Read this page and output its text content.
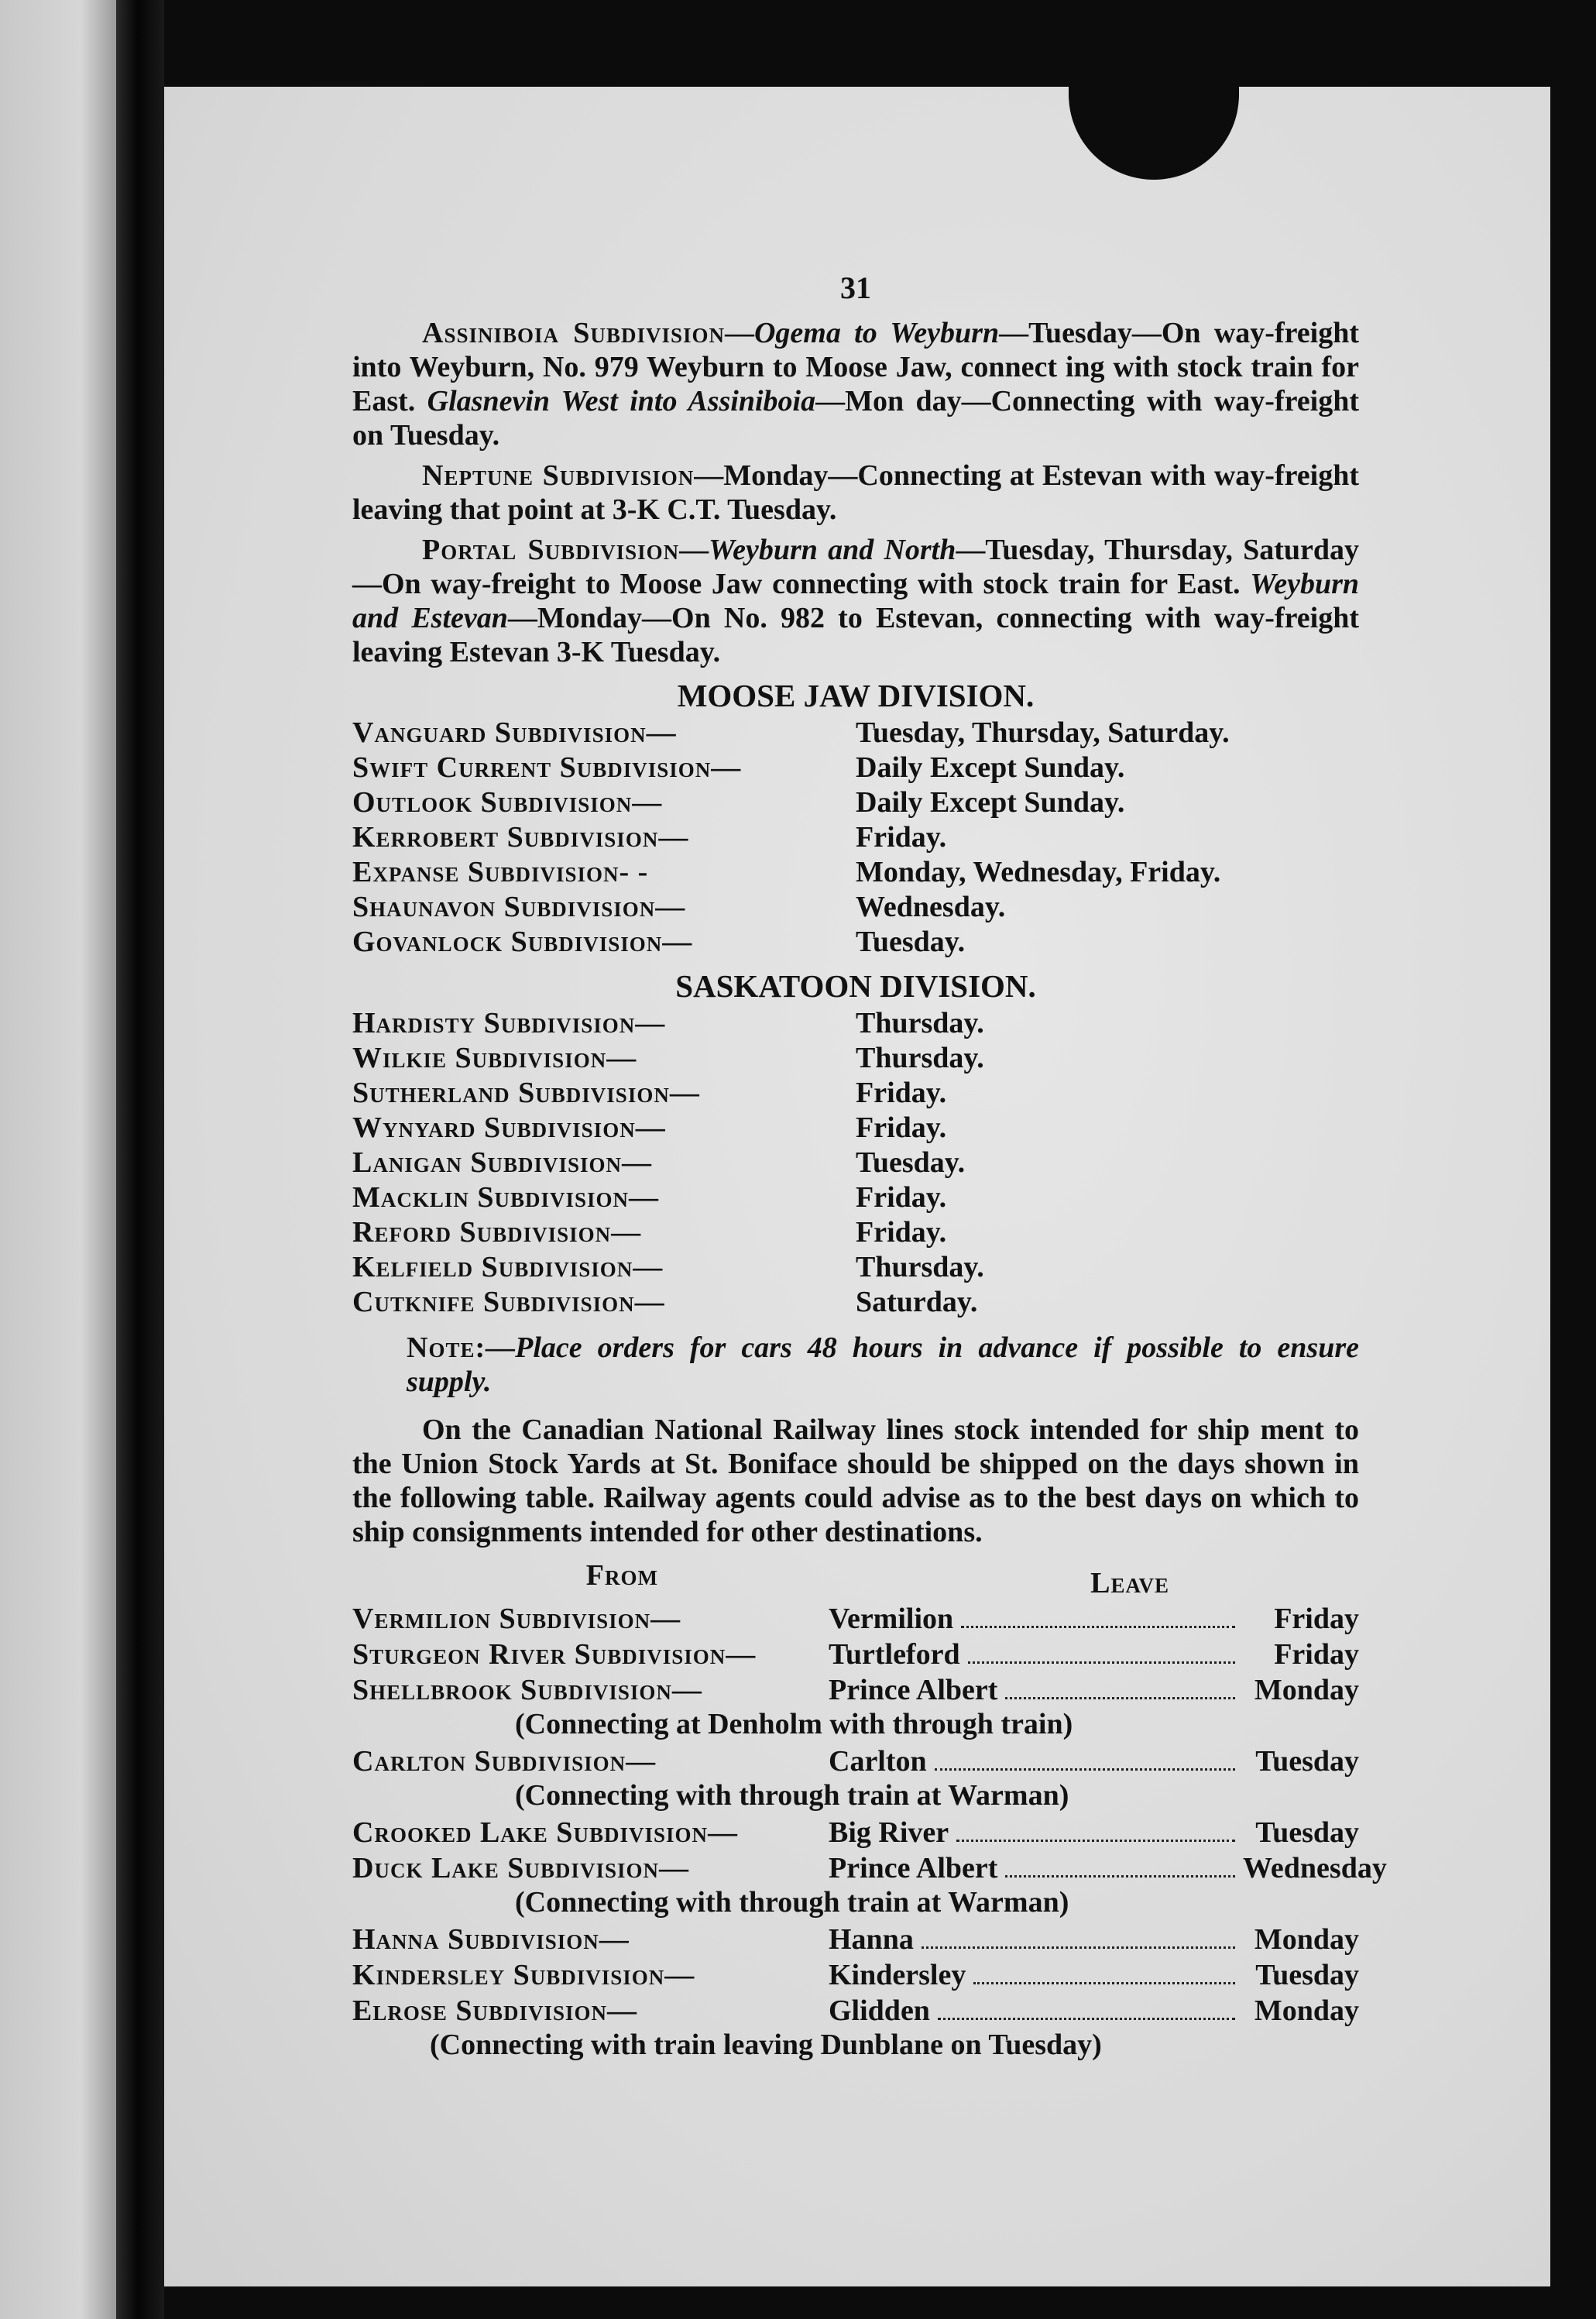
31

Assiniboia Subdivision—Ogema to Weyburn—Tuesday—On way-freight into Weyburn, No. 979 Weyburn to Moose Jaw, connect ing with stock train for East. Glasnevin West into Assiniboia—Mon day—Connecting with way-freight on Tuesday.

Neptune Subdivision—Monday—Connecting at Estevan with way-freight leaving that point at 3-K C.T. Tuesday.

Portal Subdivision—Weyburn and North—Tuesday, Thursday, Saturday—On way-freight to Moose Jaw connecting with stock train for East. Weyburn and Estevan—Monday—On No. 982 to Estevan, connecting with way-freight leaving Estevan 3-K Tuesday.

MOOSE JAW DIVISION.
Vanguard Subdivision—	Tuesday, Thursday, Saturday.
Swift Current Subdivision—	Daily Except Sunday.
Outlook Subdivision—	Daily Except Sunday.
Kerrobert Subdivision—	Friday.
Expanse Subdivision- -	Monday, Wednesday, Friday.
Shaunavon Subdivision—	Wednesday.
Govanlock Subdivision—	Tuesday.
SASKATOON DIVISION.
Hardisty Subdivision—	Thursday.
Wilkie Subdivision—	Thursday.
Sutherland Subdivision—	Friday.
Wynyard Subdivision—	Friday.
Lanigan Subdivision—	Tuesday.
Macklin Subdivision—	Friday.
Reford Subdivision—	Friday.
Kelfield Subdivision—	Thursday.
Cutknife Subdivision—	Saturday.

Note:—Place orders for cars 48 hours in advance if possible to ensure supply.

On the Canadian National Railway lines stock intended for ship ment to the Union Stock Yards at St. Boniface should be shipped on the days shown in the following table. Railway agents could advise as to the best days on which to ship consignments intended for other destinations.

From	Leave
Vermilion Subdivision—	Vermilion	Friday
Sturgeon River Subdivision—	Turtleford	Friday
Shellbrook Subdivision—	Prince Albert	Monday
(Connecting at Denholm with through train)
Carlton Subdivision—	Carlton	Tuesday
(Connecting with through train at Warman)
Crooked Lake Subdivision—	Big River	Tuesday
Duck Lake Subdivision—	Prince Albert	Wednesday
(Connecting with through train at Warman)
Hanna Subdivision—	Hanna	Monday
Kindersley Subdivision—	Kindersley	Tuesday
Elrose Subdivision—	Glidden	Monday
(Connecting with train leaving Dunblane on Tuesday)
